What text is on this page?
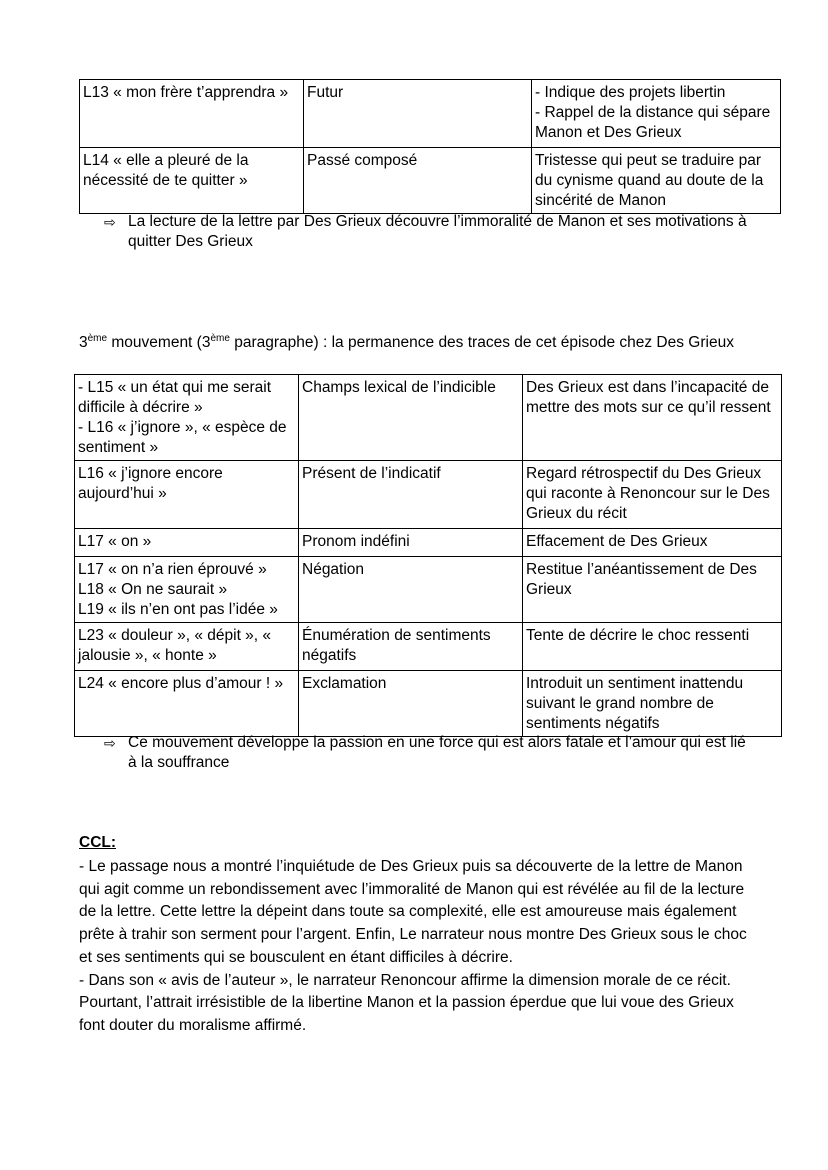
L13 « mon frère t’apprendra »	Futur	- Indique des projets libertin
- Rappel de la distance qui sépare Manon et Des Grieux

L14 « elle a pleuré de la nécessité de te quitter »	Passé composé	Tristesse qui peut se traduire par du cynisme quand au doute de la sincérité de Manon
⇨ La lecture de la lettre par Des Grieux découvre l’immoralité de Manon et ses motivations à quitter Des Grieux
3ème mouvement (3ème paragraphe) : la permanence des traces de cet épisode chez Des Grieux
- L15 « un état qui me serait difficile à décrire »
- L16 « j’ignore », « espèce de sentiment »	Champs lexical de l’indicible	Des Grieux est dans l’incapacité de mettre des mots sur ce qu’il ressent

L16 « j’ignore encore aujourd’hui »	Présent de l’indicatif	Regard rétrospectif du Des Grieux qui raconte à Renoncour sur le Des Grieux du récit

L17 « on »	Pronom indéfini	Effacement de Des Grieux

L17 « on n’a rien éprouvé »
L18 « On ne saurait »
L19 « ils n’en ont pas l’idée »	Négation	Restitue l’anéantissement de Des Grieux

L23 « douleur », « dépit », « jalousie », « honte »	Énumération de sentiments négatifs	Tente de décrire le choc ressenti

L24 « encore plus d’amour ! »	Exclamation	Introduit un sentiment inattendu suivant le grand nombre de sentiments négatifs
⇨ Ce mouvement développe la passion en une force qui est alors fatale et l’amour qui est lié à la souffrance
CCL:
- Le passage nous a montré l’inquiétude de Des Grieux puis sa découverte de la lettre de Manon qui agit comme un rebondissement avec l’immoralité de Manon qui est révélée au fil de la lecture de la lettre. Cette lettre la dépeint dans toute sa complexité, elle est amoureuse mais également prête à trahir son serment pour l’argent. Enfin, Le narrateur nous montre Des Grieux sous le choc et ses sentiments qui se bousculent en étant difficiles à décrire.
- Dans son « avis de l’auteur », le narrateur Renoncour affirme la dimension morale de ce récit. Pourtant, l’attrait irrésistible de la libertine Manon et la passion éperdue que lui voue des Grieux font douter du moralisme affirmé.
